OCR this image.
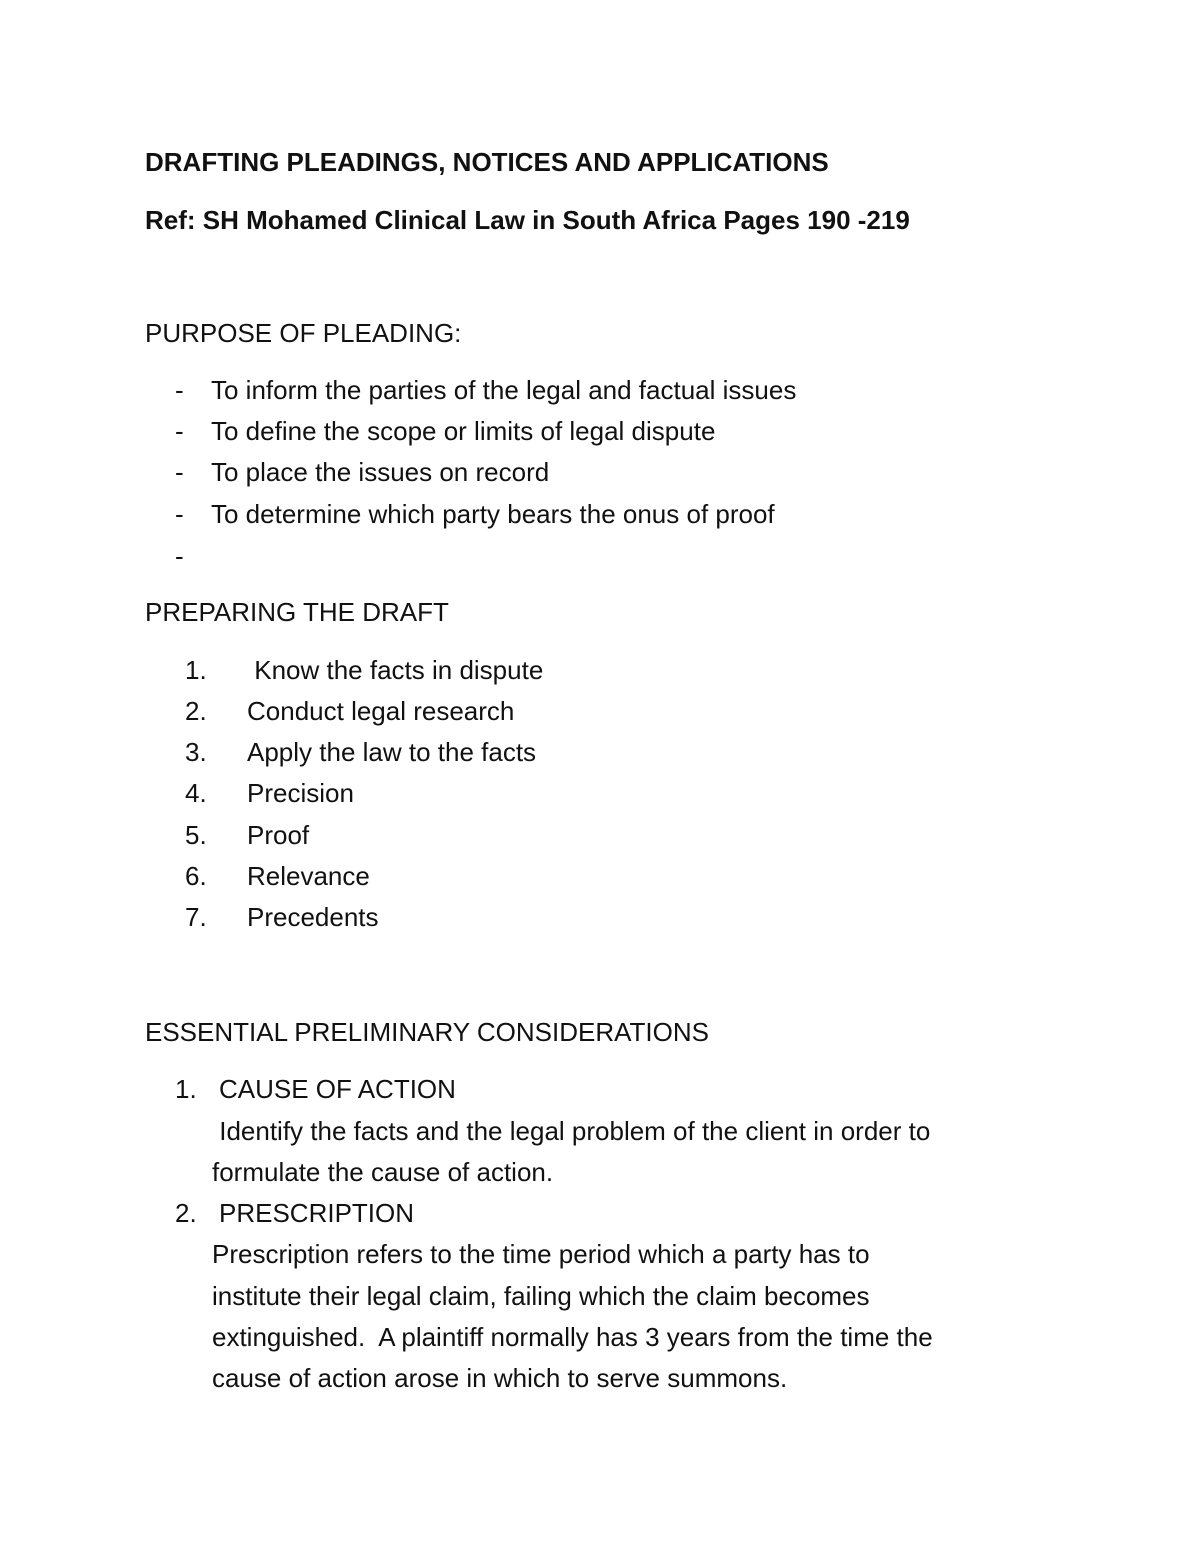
DRAFTING PLEADINGS, NOTICES AND APPLICATIONS
Ref: SH Mohamed Clinical Law in South Africa Pages 190 -219
PURPOSE OF PLEADING:
- To inform the parties of the legal and factual issues
- To define the scope or limits of legal dispute
- To place the issues on record
- To determine which party bears the onus of proof
-
PREPARING THE DRAFT
1. Know the facts in dispute
2. Conduct legal research
3. Apply the law to the facts
4. Precision
5. Proof
6. Relevance
7. Precedents
ESSENTIAL PRELIMINARY CONSIDERATIONS
1. CAUSE OF ACTION
Identify the facts and the legal problem of the client in order to
formulate the cause of action.
2. PRESCRIPTION
Prescription refers to the time period which a party has to
institute their legal claim, failing which the claim becomes
extinguished.  A plaintiff normally has 3 years from the time the
cause of action arose in which to serve summons.
